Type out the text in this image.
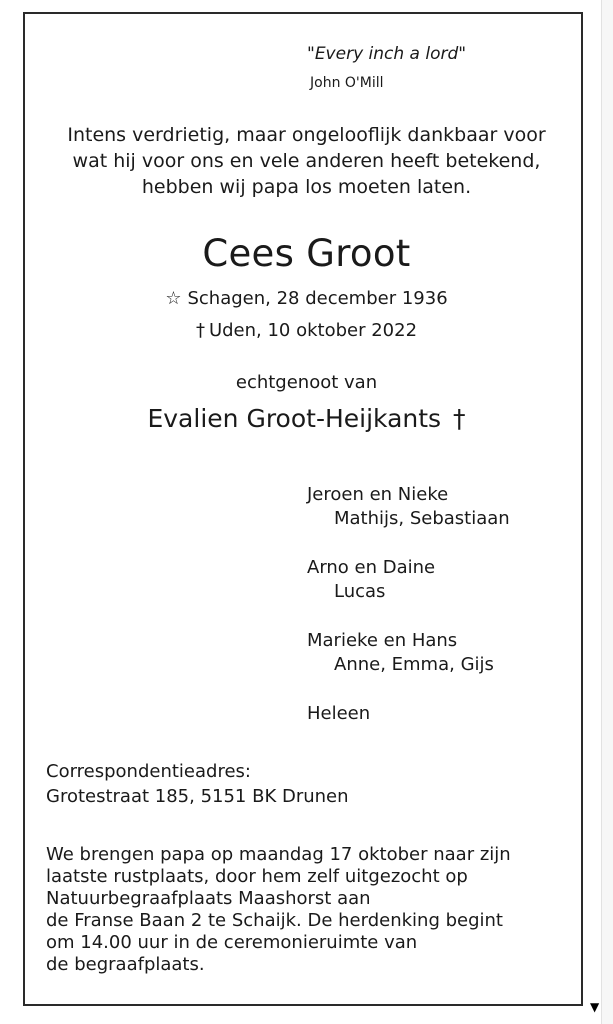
"Every inch a lord"
John O'Mill
Intens verdrietig, maar ongelooflijk dankbaar voor
wat hij voor ons en vele anderen heeft betekend,
hebben wij papa los moeten laten.
Cees Groot
☆ Schagen, 28 december 1936
† Uden, 10 oktober 2022
echtgenoot van
Evalien Groot-Heijkants †
Jeroen en Nieke
Mathijs, Sebastiaan
Arno en Daine
Lucas
Marieke en Hans
Anne, Emma, Gijs
Heleen
Correspondentieadres:
Grotestraat 185, 5151 BK Drunen
We brengen papa op maandag 17 oktober naar zijn
laatste rustplaats, door hem zelf uitgezocht op
Natuurbegraafplaats Maashorst aan
de Franse Baan 2 te Schaijk. De herdenking begint
om 14.00 uur in de ceremonieruimte van
de begraafplaats.
▼
